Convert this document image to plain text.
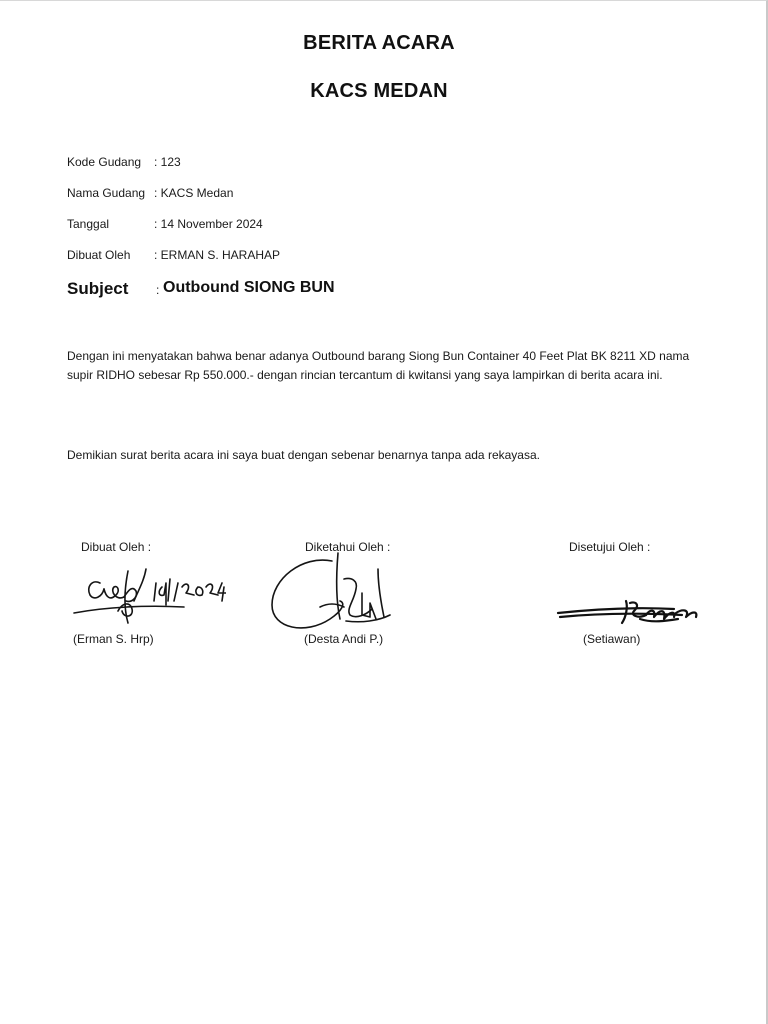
BERITA ACARA
KACS MEDAN
Kode Gudang : 123
Nama Gudang : KACS Medan
Tanggal	: 14 November 2024
Dibuat Oleh : ERMAN S. HARAHAP
Subject : Outbound SIONG BUN
Dengan ini menyatakan bahwa benar adanya Outbound barang Siong Bun Container 40 Feet Plat BK 8211 XD nama supir RIDHO sebesar Rp 550.000.- dengan rincian tercantum di kwitansi yang saya lampirkan di berita acara ini.
Demikian surat berita acara ini saya buat dengan sebenar benarnya tanpa ada rekayasa.
Dibuat Oleh :	Diketahui Oleh :	Disetujui Oleh :
(Erman S. Hrp)	(Desta Andi P.)	(Setiawan)
